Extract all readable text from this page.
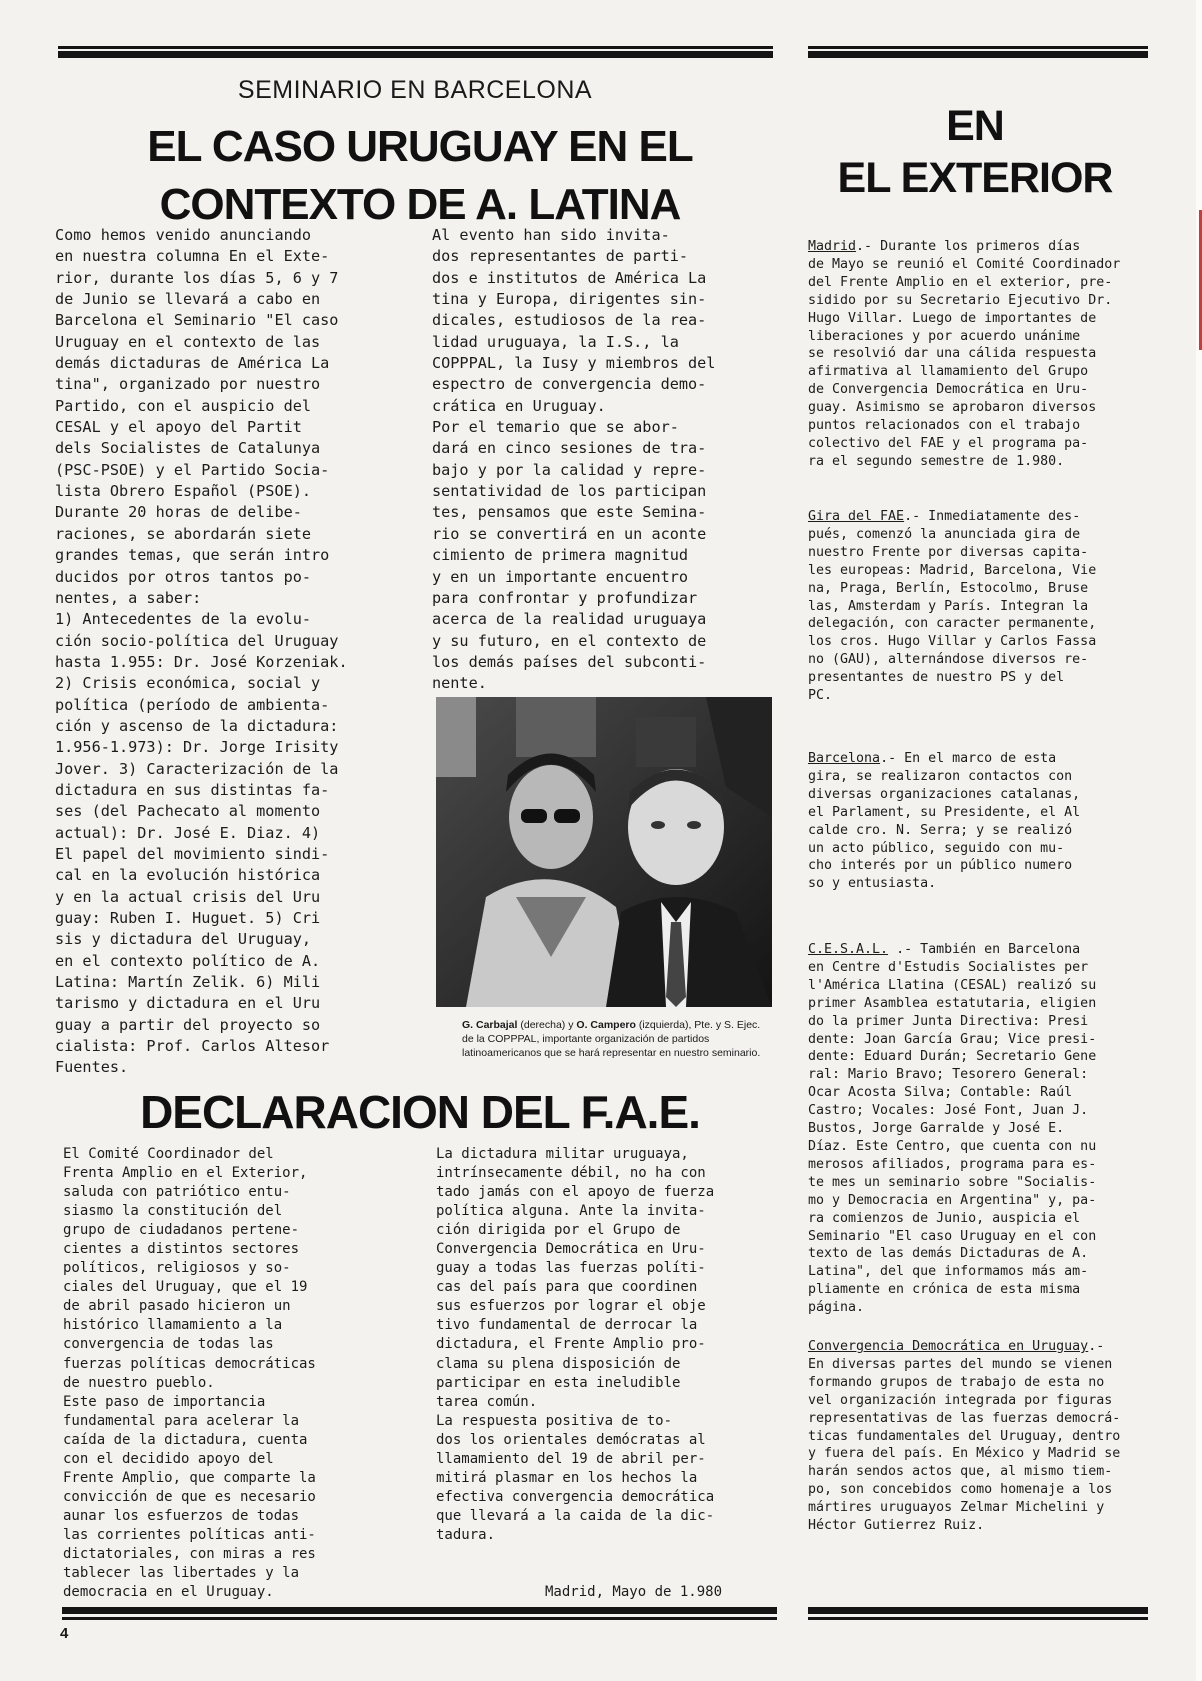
SEMINARIO EN BARCELONA
EL CASO URUGUAY EN EL
CONTEXTO DE A. LATINA
EN
EL EXTERIOR
Como hemos venido anunciando
en nuestra columna En el Exte-
rior, durante los días 5, 6 y 7
de Junio se llevará a cabo en
Barcelona el Seminario "El caso
Uruguay en el contexto de las
demás dictaduras de América La
tina", organizado por nuestro
Partido, con el auspicio del
CESAL y el apoyo del Partit
dels Socialistes de Catalunya
(PSC-PSOE) y el Partido Socia-
lista Obrero Español (PSOE).
Durante 20 horas de delibe-
raciones, se abordarán siete
grandes temas, que serán intro
ducidos por otros tantos po-
nentes, a saber:
1) Antecedentes de la evolu-
ción socio-política del Uruguay
hasta 1.955: Dr. José Korzeniak.
2) Crisis económica, social y
política (período de ambienta-
ción y ascenso de la dictadura:
1.956-1.973): Dr. Jorge Irisity
Jover. 3) Caracterización de la
dictadura en sus distintas fa-
ses (del Pachecato al momento
actual): Dr. José E. Diaz. 4)
El papel del movimiento sindi-
cal en la evolución histórica
y en la actual crisis del Uru
guay: Ruben I. Huguet. 5) Cri
sis y dictadura del Uruguay,
en el contexto político de A.
Latina: Martín Zelik. 6) Mili
tarismo y dictadura en el Uru
guay a partir del proyecto so
cialista: Prof. Carlos Altesor
Fuentes.
Al evento han sido invita-
dos representantes de parti-
dos e institutos de América La
tina y Europa, dirigentes sin-
dicales, estudiosos de la rea-
lidad uruguaya, la I.S., la
COPPPAL, la Iusy y miembros del
espectro de convergencia demo-
crática en Uruguay.
Por el temario que se abor-
dará en cinco sesiones de tra-
bajo y por la calidad y repre-
sentatividad de los participan
tes, pensamos que este Semina-
rio se convertirá en un aconte
cimiento de primera magnitud
y en un importante encuentro
para confrontar y profundizar
acerca de la realidad uruguaya
y su futuro, en el contexto de
los demás países del subconti-
nente.
G. Carbajal (derecha) y O. Campero (izquierda), Pte. y S. Ejec. de la COPPPAL, importante organización de partidos latinoamericanos que se hará representar en nuestro seminario.
DECLARACION DEL F.A.E.
El Comité Coordinador del
Frenta Amplio en el Exterior,
saluda con patriótico entu-
siasmo la constitución del
grupo de ciudadanos pertene-
cientes a distintos sectores
políticos, religiosos y so-
ciales del Uruguay, que el 19
de abril pasado hicieron un
histórico llamamiento a la
convergencia de todas las
fuerzas políticas democráticas
de nuestro pueblo.
Este paso de importancia
fundamental para acelerar la
caída de la dictadura, cuenta
con el decidido apoyo del
Frente Amplio, que comparte la
convicción de que es necesario
aunar los esfuerzos de todas
las corrientes políticas anti-
dictatoriales, con miras a res
tablecer las libertades y la
democracia en el Uruguay.
La dictadura militar uruguaya,
intrínsecamente débil, no ha con
tado jamás con el apoyo de fuerza
política alguna. Ante la invita-
ción dirigida por el Grupo de
Convergencia Democrática en Uru-
guay a todas las fuerzas políti-
cas del país para que coordinen
sus esfuerzos por lograr el obje
tivo fundamental de derrocar la
dictadura, el Frente Amplio pro-
clama su plena disposición de
participar en esta ineludible
tarea común.
La respuesta positiva de to-
dos los orientales demócratas al
llamamiento del 19 de abril per-
mitirá plasmar en los hechos la
efectiva convergencia democrática
que llevará a la caida de la dic-
tadura.
Madrid, Mayo de 1.980
Madrid.- Durante los primeros días
de Mayo se reunió el Comité Coordinador
del Frente Amplio en el exterior, pre-
sidido por su Secretario Ejecutivo Dr.
Hugo Villar. Luego de importantes de
liberaciones y por acuerdo unánime
se resolvió dar una cálida respuesta
afirmativa al llamamiento del Grupo
de Convergencia Democrática en Uru-
guay. Asimismo se aprobaron diversos
puntos relacionados con el trabajo
colectivo del FAE y el programa pa-
ra el segundo semestre de 1.980.
Gira del FAE.- Inmediatamente des-
pués, comenzó la anunciada gira de
nuestro Frente por diversas capita-
les europeas: Madrid, Barcelona, Vie
na, Praga, Berlín, Estocolmo, Bruse
las, Amsterdam y París. Integran la
delegación, con caracter permanente,
los cros. Hugo Villar y Carlos Fassa
no (GAU), alternándose diversos re-
presentantes de nuestro PS y del
PC.
Barcelona.- En el marco de esta
gira, se realizaron contactos con
diversas organizaciones catalanas,
el Parlament, su Presidente, el Al
calde cro. N. Serra; y se realizó
un acto público, seguido con mu-
cho interés por un público numero
so y entusiasta.
C.E.S.A.L. .- También en Barcelona
en Centre d'Estudis Socialistes per
l'América Llatina (CESAL) realizó su
primer Asamblea estatutaria, eligien
do la primer Junta Directiva: Presi
dente: Joan García Grau; Vice presi-
dente: Eduard Durán; Secretario Gene
ral: Mario Bravo; Tesorero General:
Ocar Acosta Silva; Contable: Raúl
Castro; Vocales: José Font, Juan J.
Bustos, Jorge Garralde y José E.
Díaz. Este Centro, que cuenta con nu
merosos afiliados, programa para es-
te mes un seminario sobre "Socialis-
mo y Democracia en Argentina" y, pa-
ra comienzos de Junio, auspicia el
Seminario "El caso Uruguay en el con
texto de las demás Dictaduras de A.
Latina", del que informamos más am-
pliamente en crónica de esta misma
página.
Convergencia Democrática en Uruguay.-
En diversas partes del mundo se vienen
formando grupos de trabajo de esta no
vel organización integrada por figuras
representativas de las fuerzas democrá-
ticas fundamentales del Uruguay, dentro
y fuera del país. En México y Madrid se
harán sendos actos que, al mismo tiem-
po, son concebidos como homenaje a los
mártires uruguayos Zelmar Michelini y
Héctor Gutierrez Ruiz.
4
